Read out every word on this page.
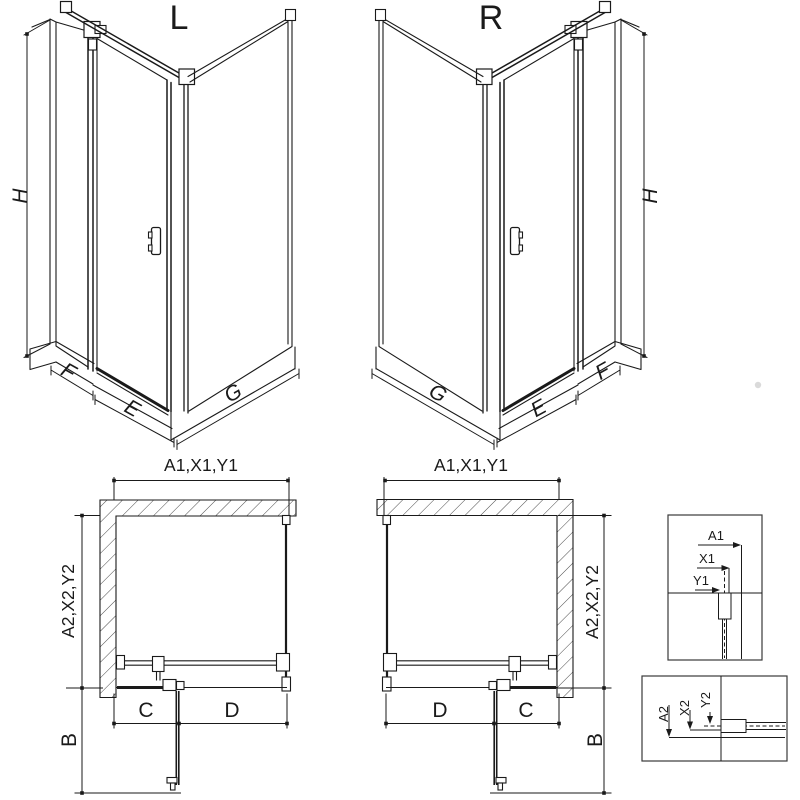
L
H
F
E
G
R
H
F
E
G
A1,X1,Y1
A2,X2,Y2
C	D
B
A1,X1,Y1
A2,X2,Y2
D	C
B
A1
X1
Y1
A2 X2
Y2
